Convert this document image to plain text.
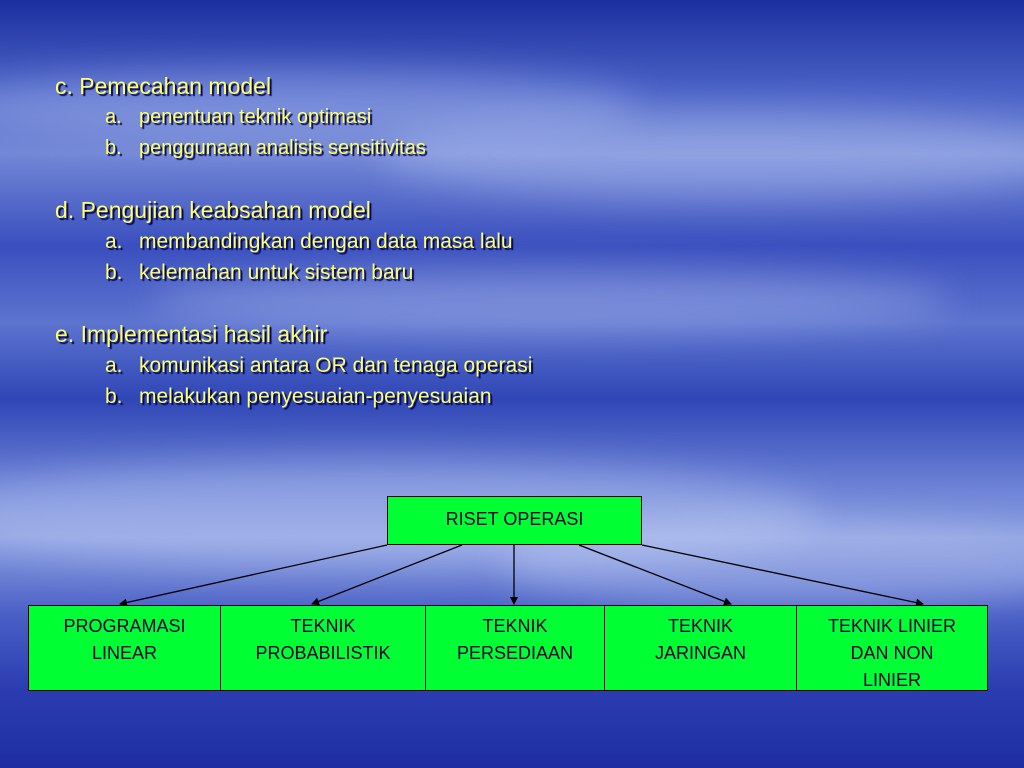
c. Pemecahan model

a. penentuan teknik optimasi
b. penggunaan analisis sensitivitas

d. Pengujian keabsahan model

a. membandingkan dengan data masa lalu
b. kelemahan untuk sistem baru

e. Implementasi hasil akhir

a. komunikasi antara OR dan tenaga operasi
b. melakukan penyesuaian-penyesuaian
RISET OPERASI
PROGRAMASI
LINEAR
TEKNIK
PROBABILISTIK
TEKNIK
PERSEDIAAN
TEKNIK
JARINGAN
TEKNIK LINIER
DAN NON
LINIER
